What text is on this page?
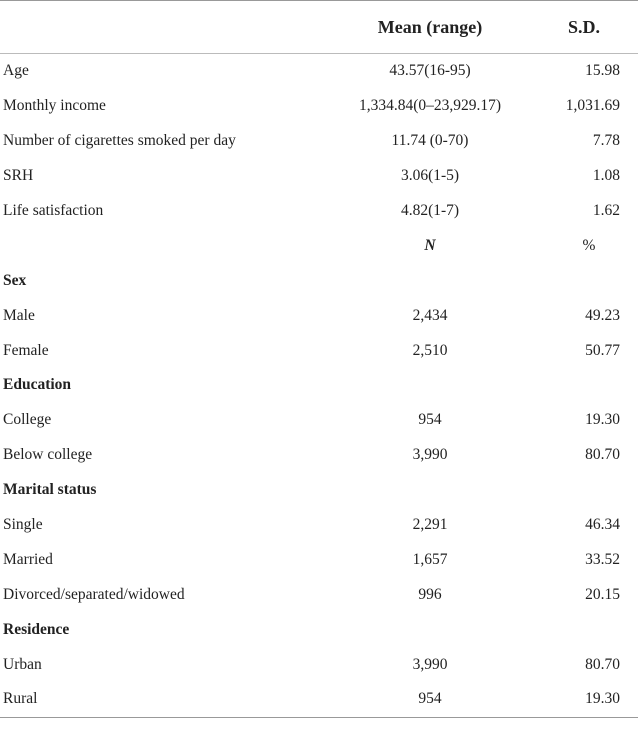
	Mean (range)	S.D.
Age	43.57(16-95)	15.98
Monthly income	1,334.84(0–23,929.17)	1,031.69
Number of cigarettes smoked per day	11.74 (0-70)	7.78
SRH	3.06(1-5)	1.08
Life satisfaction	4.82(1-7)	1.62
	N	%
Sex		
Male	2,434	49.23
Female	2,510	50.77
Education		
College	954	19.30
Below college	3,990	80.70
Marital status		
Single	2,291	46.34
Married	1,657	33.52
Divorced/separated/widowed	996	20.15
Residence		
Urban	3,990	80.70
Rural	954	19.30
